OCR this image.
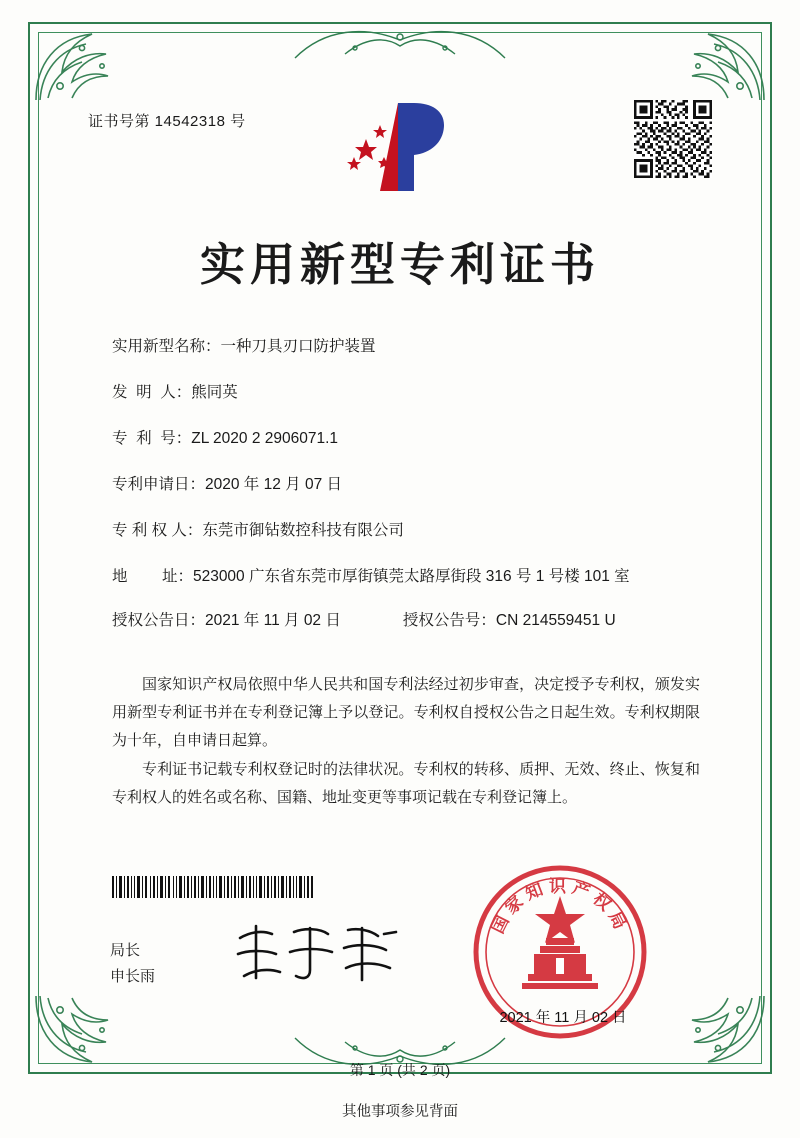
证书号第 14542318 号
实用新型专利证书
实用新型名称： 一种刀具刃口防护装置
发  明  人： 熊同英
专  利  号： ZL 2020 2 2906071.1
专利申请日： 2020 年 12 月 07 日
专 利 权 人： 东莞市御钻数控科技有限公司
地        址： 523000 广东省东莞市厚街镇莞太路厚街段 316 号 1 号楼 101 室
授权公告日： 2021 年 11 月 02 日	授权公告号： CN 214559451 U

国家知识产权局依照中华人民共和国专利法经过初步审查，决定授予专利权，颁发实用新型专利证书并在专利登记簿上予以登记。专利权自授权公告之日起生效。专利权期限为十年，自申请日起算。

专利证书记载专利权登记时的法律状况。专利权的转移、质押、无效、终止、恢复和专利权人的姓名或名称、国籍、地址变更等事项记载在专利登记簿上。

局长
申长雨
国家知识产权局
2021 年 11 月 02 日
第 1 页 (共 2 页)
其他事项参见背面
